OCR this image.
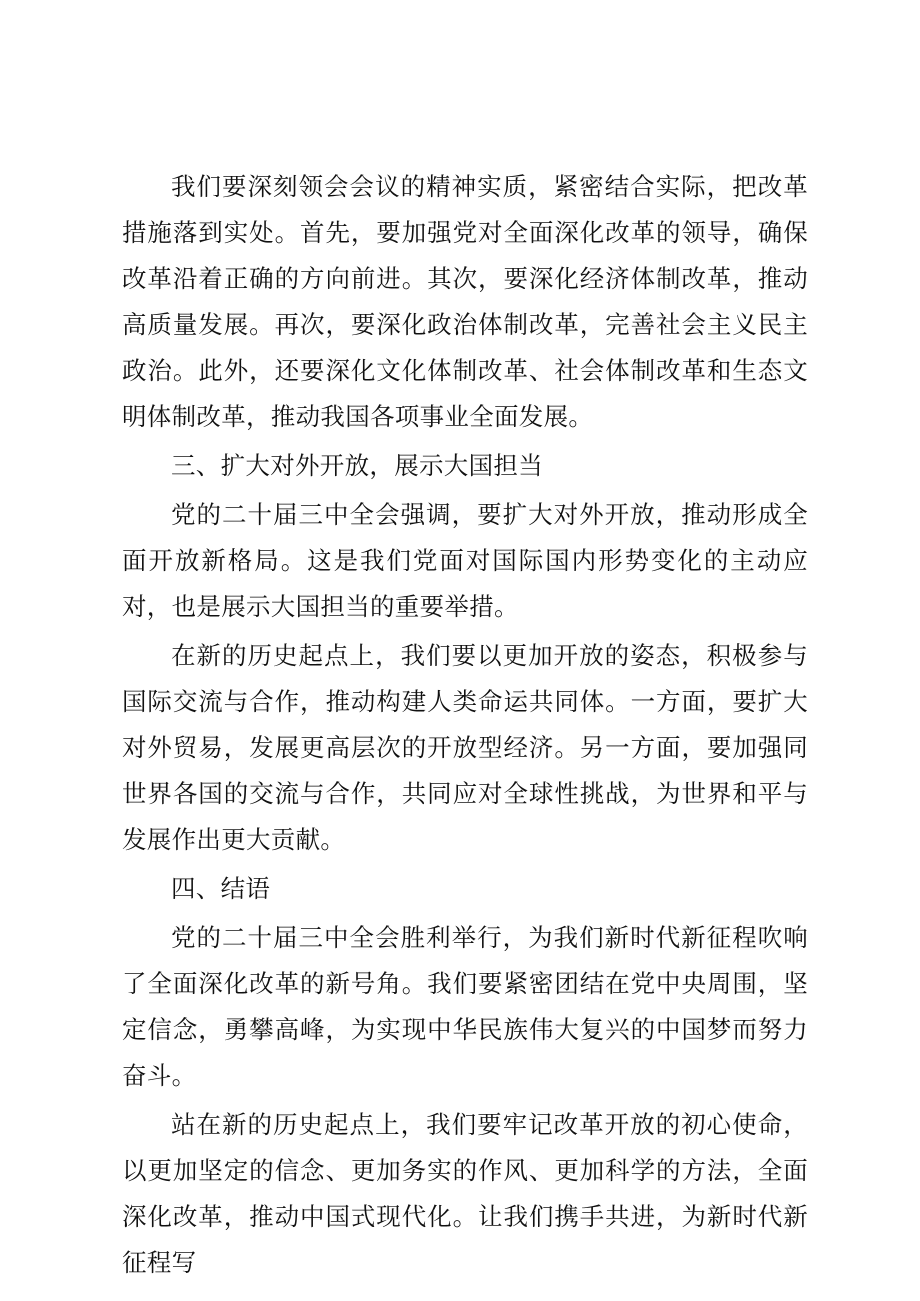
我们要深刻领会会议的精神实质，紧密结合实际，把改革措施落到实处。首先，要加强党对全面深化改革的领导，确保改革沿着正确的方向前进。其次，要深化经济体制改革，推动高质量发展。再次，要深化政治体制改革，完善社会主义民主政治。此外，还要深化文化体制改革、社会体制改革和生态文明体制改革，推动我国各项事业全面发展。

三、扩大对外开放，展示大国担当

党的二十届三中全会强调，要扩大对外开放，推动形成全面开放新格局。这是我们党面对国际国内形势变化的主动应对，也是展示大国担当的重要举措。

在新的历史起点上，我们要以更加开放的姿态，积极参与国际交流与合作，推动构建人类命运共同体。一方面，要扩大对外贸易，发展更高层次的开放型经济。另一方面，要加强同世界各国的交流与合作，共同应对全球性挑战，为世界和平与发展作出更大贡献。

四、结语

党的二十届三中全会胜利举行，为我们新时代新征程吹响了全面深化改革的新号角。我们要紧密团结在党中央周围，坚定信念，勇攀高峰，为实现中华民族伟大复兴的中国梦而努力奋斗。

站在新的历史起点上，我们要牢记改革开放的初心使命，以更加坚定的信念、更加务实的作风、更加科学的方法，全面深化改革，推动中国式现代化。让我们携手共进，为新时代新征程写
